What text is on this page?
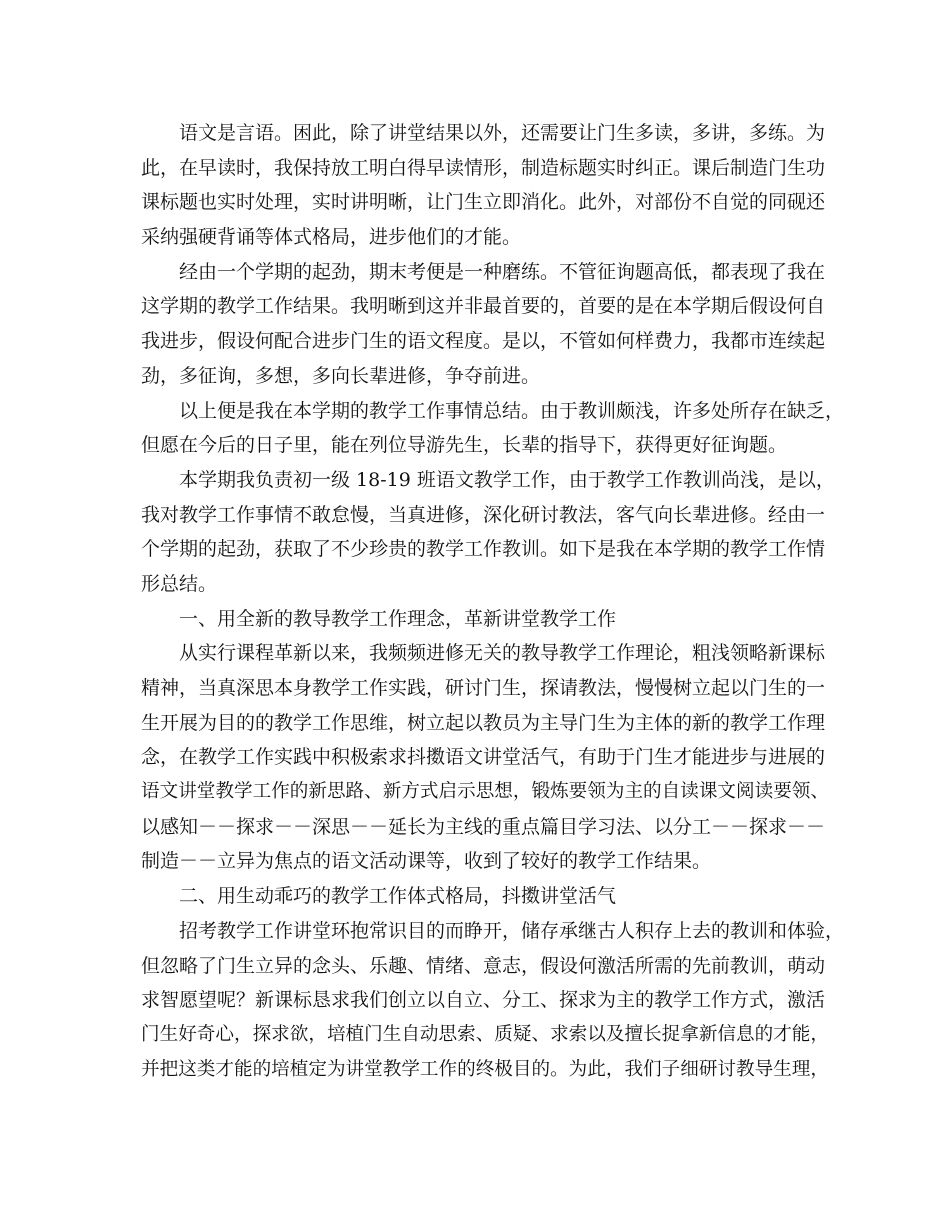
语文是言语。困此，除了讲堂结果以外，还需要让门生多读，多讲，多练。为
此，在早读时，我保持放工明白得早读情形，制造标题实时纠正。课后制造门生功
课标题也实时处理，实时讲明晰，让门生立即消化。此外，对部份不自觉的同砚还
采纳强硬背诵等体式格局，进步他们的才能。
经由一个学期的起劲，期末考便是一种磨练。不管征询题高低，都表现了我在
这学期的教学工作结果。我明晰到这并非最首要的，首要的是在本学期后假设何自
我进步，假设何配合进步门生的语文程度。是以，不管如何样费力，我都市连续起
劲，多征询，多想，多向长辈进修，争夺前进。
以上便是我在本学期的教学工作事情总结。由于教训颇浅，许多处所存在缺乏，
但愿在今后的日子里，能在列位导游先生，长辈的指导下，获得更好征询题。
本学期我负责初一级 18-19 班语文教学工作，由于教学工作教训尚浅，是以，
我对教学工作事情不敢怠慢，当真进修，深化研讨教法，客气向长辈进修。经由一
个学期的起劲，获取了不少珍贵的教学工作教训。如下是我在本学期的教学工作情
形总结。
一、用全新的教导教学工作理念，革新讲堂教学工作
从实行课程革新以来，我频频进修无关的教导教学工作理论，粗浅领略新课标
精神，当真深思本身教学工作实践，研讨门生，探请教法，慢慢树立起以门生的一
生开展为目的的教学工作思维，树立起以教员为主导门生为主体的新的教学工作理
念，在教学工作实践中积极索求抖擞语文讲堂活气，有助于门生才能进步与进展的
语文讲堂教学工作的新思路、新方式启示思想，锻炼要领为主的自读课文阅读要领、
以感知－－探求－－深思－－延长为主线的重点篇目学习法、以分工－－探求－－
制造－－立异为焦点的语文活动课等，收到了较好的教学工作结果。
二、用生动乖巧的教学工作体式格局，抖擞讲堂活气
招考教学工作讲堂环抱常识目的而睁开，储存承继古人积存上去的教训和体验，
但忽略了门生立异的念头、乐趣、情绪、意志，假设何激活所需的先前教训，萌动
求智愿望呢？新课标恳求我们创立以自立、分工、探求为主的教学工作方式，激活
门生好奇心，探求欲，培植门生自动思索、质疑、求索以及擅长捉拿新信息的才能，
并把这类才能的培植定为讲堂教学工作的终极目的。为此，我们子细研讨教导生理，
